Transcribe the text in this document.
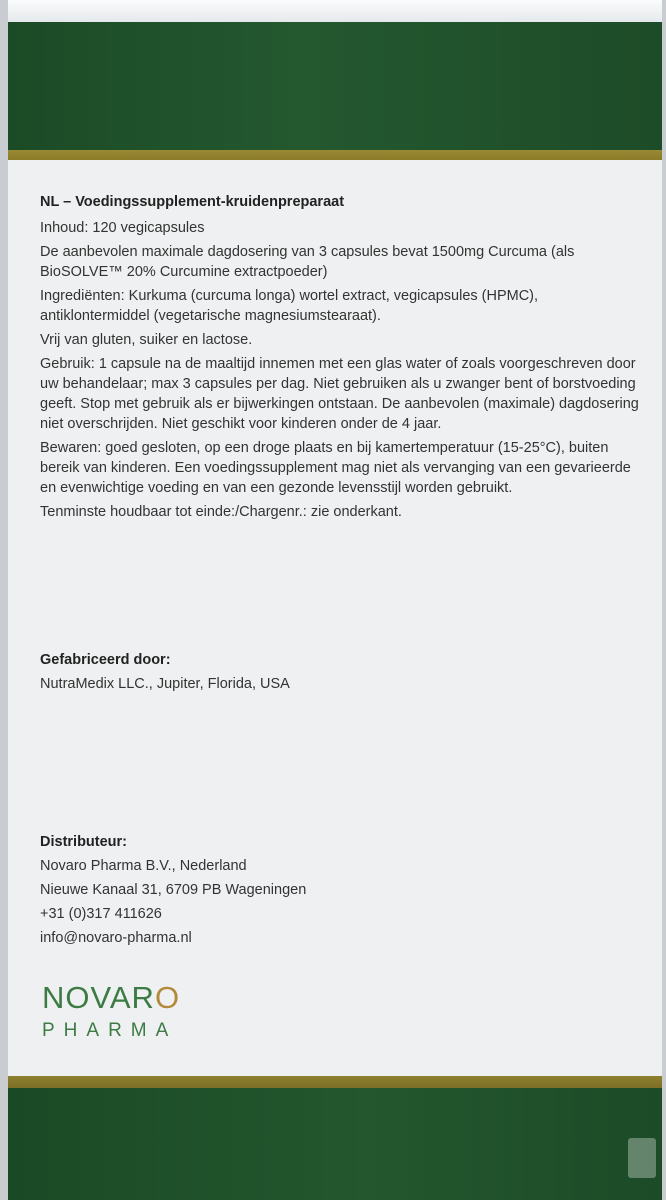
NL – Voedingssupplement-kruidenpreparaat

Inhoud: 120 vegicapsules

De aanbevolen maximale dagdosering van 3 capsules bevat 1500mg Curcuma (als BioSOLVE™ 20% Curcumine extractpoeder)

Ingrediënten: Kurkuma (curcuma longa) wortel extract, vegicapsules (HPMC), antiklontermiddel (vegetarische magnesiumstearaat).

Vrij van gluten, suiker en lactose.

Gebruik: 1 capsule na de maaltijd innemen met een glas water of zoals voorgeschreven door uw behandelaar; max 3 capsules per dag. Niet gebruiken als u zwanger bent of borstvoeding geeft. Stop met gebruik als er bijwerkingen ontstaan. De aanbevolen (maximale) dagdosering niet overschrijden. Niet geschikt voor kinderen onder de 4 jaar.

Bewaren: goed gesloten, op een droge plaats en bij kamertemperatuur (15-25°C), buiten bereik van kinderen. Een voedingssupplement mag niet als vervanging van een gevarieerde en evenwichtige voeding en van een gezonde levensstijl worden gebruikt.

Tenminste houdbaar tot einde:/Chargenr.: zie onderkant.

Gefabriceerd door:
NutraMedix LLC., Jupiter, Florida, USA
Distributeur:
Novaro Pharma B.V., Nederland
Nieuwe Kanaal 31, 6709 PB Wageningen
+31 (0)317 411626
info@novaro-pharma.nl
NOVARO
PHARMA
